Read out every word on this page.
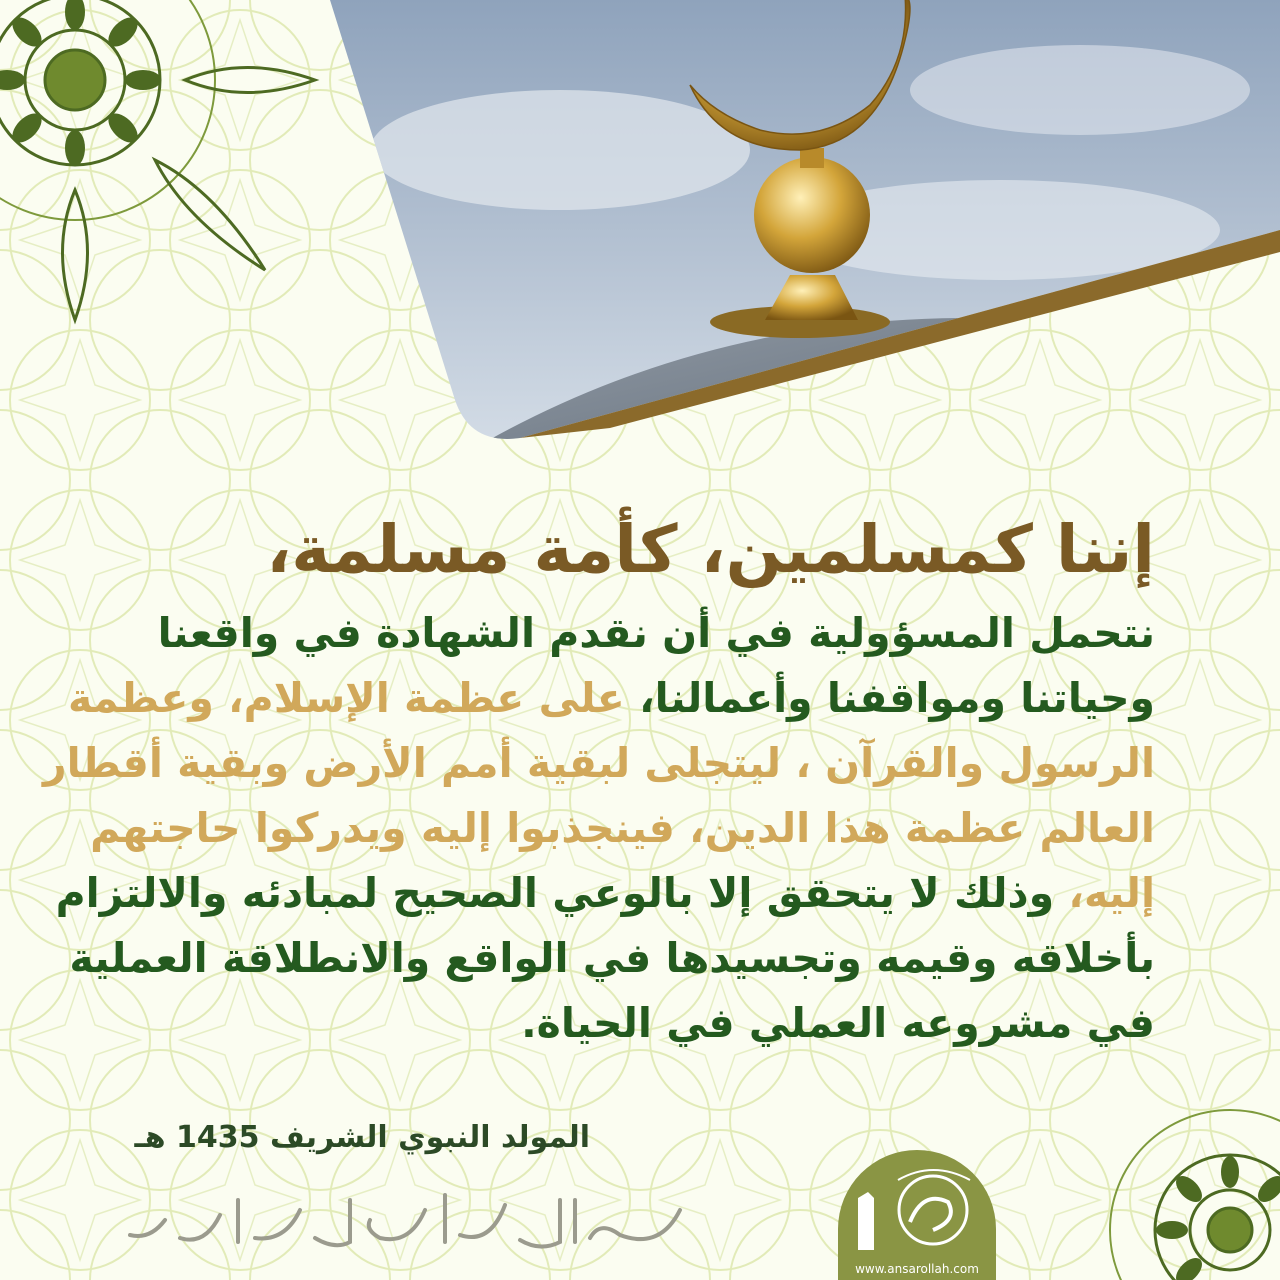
إننا كمسلمين، كأمة مسلمة،
نتحمل المسؤولية في أن نقدم الشهادة في واقعنا
وحياتنا ومواقفنا وأعمالنا، على عظمة الإسلام، وعظمة
الرسول والقرآن ، ليتجلى لبقية أمم الأرض وبقية أقطار
العالم عظمة هذا الدين، فينجذبوا إليه ويدركوا حاجتهم
إليه، وذلك لا يتحقق إلا بالوعي الصحيح لمبادئه والالتزام
بأخلاقه وقيمه وتجسيدها في الواقع والانطلاقة العملية
في مشروعه العملي في الحياة.
المولد النبوي الشريف 1435 هـ
www.ansarollah.com
